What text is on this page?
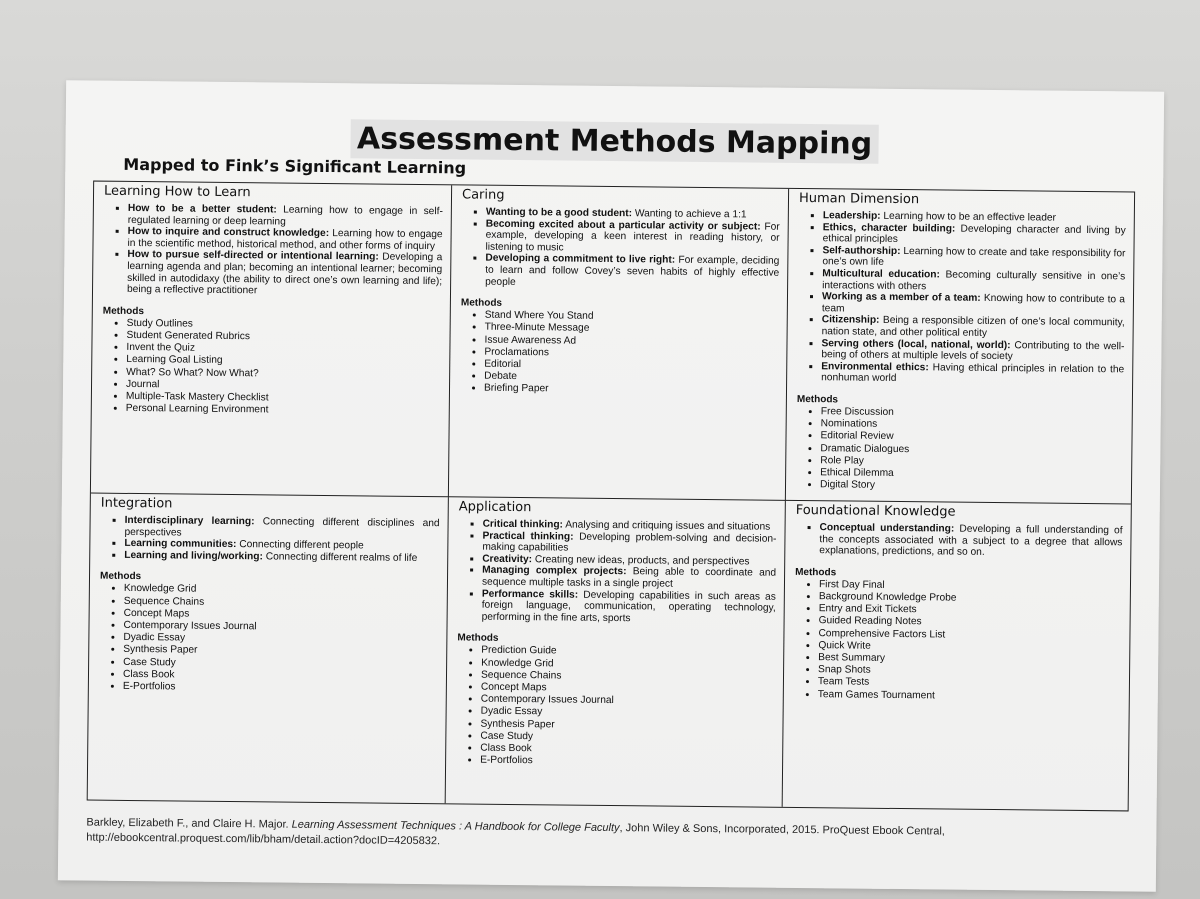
Assessment Methods Mapping
Mapped to Fink’s Significant Learning
Learning How to Learn
▪ How to be a better student: Learning how to engage in self-regulated learning or deep learning
▪ How to inquire and construct knowledge: Learning how to engage in the scientific method, historical method, and other forms of inquiry
▪ How to pursue self-directed or intentional learning: Developing a learning agenda and plan; becoming an intentional learner; becoming skilled in autodidaxy (the ability to direct one’s own learning and life); being a reflective practitioner
Methods
• Study Outlines
• Student Generated Rubrics
• Invent the Quiz
• Learning Goal Listing
• What? So What? Now What?
• Journal
• Multiple-Task Mastery Checklist
• Personal Learning Environment
Caring
▪ Wanting to be a good student: Wanting to achieve a 1:1
▪ Becoming excited about a particular activity or subject: For example, developing a keen interest in reading history, or listening to music
▪ Developing a commitment to live right: For example, deciding to learn and follow Covey’s seven habits of highly effective people
Methods
• Stand Where You Stand
• Three-Minute Message
• Issue Awareness Ad
• Proclamations
• Editorial
• Debate
• Briefing Paper
Human Dimension
▪ Leadership: Learning how to be an effective leader
▪ Ethics, character building: Developing character and living by ethical principles
▪ Self-authorship: Learning how to create and take responsibility for one’s own life
▪ Multicultural education: Becoming culturally sensitive in one’s interactions with others
▪ Working as a member of a team: Knowing how to contribute to a team
▪ Citizenship: Being a responsible citizen of one’s local community, nation state, and other political entity
▪ Serving others (local, national, world): Contributing to the well-being of others at multiple levels of society
▪ Environmental ethics: Having ethical principles in relation to the nonhuman world
Methods
• Free Discussion
• Nominations
• Editorial Review
• Dramatic Dialogues
• Role Play
• Ethical Dilemma
• Digital Story
Integration
▪ Interdisciplinary learning: Connecting different disciplines and perspectives
▪ Learning communities: Connecting different people
▪ Learning and living/working: Connecting different realms of life
Methods
• Knowledge Grid
• Sequence Chains
• Concept Maps
• Contemporary Issues Journal
• Dyadic Essay
• Synthesis Paper
• Case Study
• Class Book
• E-Portfolios
Application
▪ Critical thinking: Analysing and critiquing issues and situations
▪ Practical thinking: Developing problem-solving and decision-making capabilities
▪ Creativity: Creating new ideas, products, and perspectives
▪ Managing complex projects: Being able to coordinate and sequence multiple tasks in a single project
▪ Performance skills: Developing capabilities in such areas as foreign language, communication, operating technology, performing in the fine arts, sports
Methods
• Prediction Guide
• Knowledge Grid
• Sequence Chains
• Concept Maps
• Contemporary Issues Journal
• Dyadic Essay
• Synthesis Paper
• Case Study
• Class Book
• E-Portfolios
Foundational Knowledge
▪ Conceptual understanding: Developing a full understanding of the concepts associated with a subject to a degree that allows explanations, predictions, and so on.
Methods
• First Day Final
• Background Knowledge Probe
• Entry and Exit Tickets
• Guided Reading Notes
• Comprehensive Factors List
• Quick Write
• Best Summary
• Snap Shots
• Team Tests
• Team Games Tournament
Barkley, Elizabeth F., and Claire H. Major. Learning Assessment Techniques : A Handbook for College Faculty, John Wiley & Sons, Incorporated, 2015. ProQuest Ebook Central,
http://ebookcentral.proquest.com/lib/bham/detail.action?docID=4205832.
